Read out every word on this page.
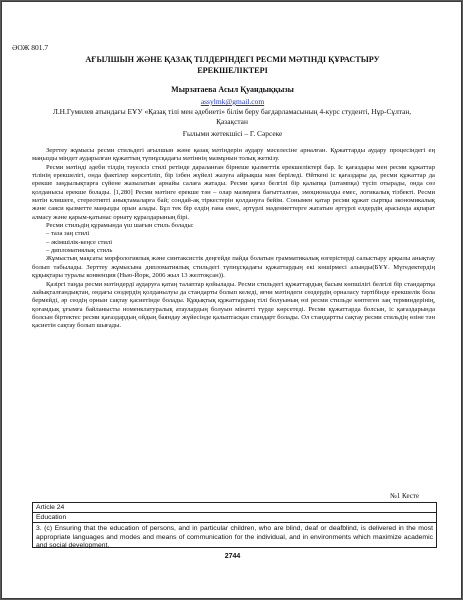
ӘОЖ 801.7
АҒЫЛШЫН ЖӘНЕ ҚАЗАҚ ТІЛДЕРІНДЕГІ РЕСМИ МӘТІНДІ ҚҰРАСТЫРУ
ЕРЕКШЕЛІКТЕРІ
Мырзатаева Асыл Қуандыққызы
assylmk@gmail.com
Л.Н.Гумилев атындағы ЕҰУ «Қазақ тілі мен әдебиеті» білім беру бағдарламасының 4-курс студенті, Нұр-Сұлтан, Қазақстан
Ғылыми жетекшісі – Г. Сәрсеке

Зерттеу жұмысы ресми стильдегі ағылшын және қазақ мәтіндерін аудару мәселесіне арналған. Құжаттарды аудару процесіндегі ең маңызды міндет аударылған құжаттың түпнұсқадағы мәтіннің мазмұнын толық жеткізу.

Ресми мәтінді әдеби тілдің тәуелсіз стилі ретінде дараланған бірнеше қызметтік ерекшеліктері бар. Іс қағаздары мен ресми құжаттар тілінің ерекшелігі, онда фактілер көрсетіліп, бір ізбен жүйелі жазуға айрықша мән беріледі. Өйткені іс қағаздары да, ресми құжаттар да ерекше заңдылықтарға сүйене жазылатын арнайы салаға жатады. Ресми қағаз белгілі бір қалыпқа (штампқа) түсіп отырады, онда сөз қолданысы ерекше болады. [1,280] Ресми мәтінге ерекше тән – олар мазмұнға бағытталған, эмоционалды емес, логикалық тізбекті. Ресми мәтін клишеге, стереотипті анықтамаларға бай; сондай-ақ тіркестерін қолдануға бейім. Сонымен қатар ресми құжат сыртқы экономикалық және саяси қызметте маңызды орын алады. Бұл тек бір елдің ғана емес, әртүрлі мәдениеттерге жататын әртүрлі елдердің арасында ақпарат алмасу және қарым-қатынас орнату құралдарының бірі.

Ресми стильдің құрамында үш шағын стиль болады:

– таза заң стилі

– әкімшілік-кеңсе стилі

– дипломатиялық стиль

Жұмыстың мақсаты морфологиялық және синтаксистік деңгейде пайда болатын грамматикалық өзгерістерді салыстыру арқылы анықтау болып табылады. Зерттеу жұмысына дипломатиялық стильдегі түпнұсқадағы құжаттардың екі көшірмесі алынды(БҰҰ. Мүгедектердің құқықтары туралы конвенция (Нью-Йорк, 2006 жыл 13 желтоқсан)).

Қазіргі таңда ресми мәтіндерді аударуға қатаң талаптар қойылады. Ресми стильдегі құжаттардың басым көпшілігі белгілі бір стандартқа лайықталғандықтан, ондағы сөздердің қолданылуы да стандарты болып келеді, яғни мәтіндеги сөздердің орналасу тәртібінде ерекшелік бола бермейді, әр сөздің орнын сақтау қасиетінде болады. Құқықтық құжаттардың тілі болуының өзі ресми стильде көптеген заң терминдерінің, қоғамдық ұғымға байланысты номенклатуралық атаулардың болуын мінәтті түрде көрсетеді. Ресми құжаттарда болсын, іс қағаздарында болсын біртектес ресми қағаздардың ойдың баяндау жүйесінде қалыптасқан стандарт болады. Ол стандартты сақтау ресми стильдің өзіне тән қасиетін сақтау болып шығады.

№1 Кесте
Article 24
Education
3. (c) Ensuring that the education of persons, and in particular children, who are blind, deaf or deafblind, is delivered in the most appropriate languages and modes and means of communication for the individual, and in environments which maximize academic and social development.
2744
